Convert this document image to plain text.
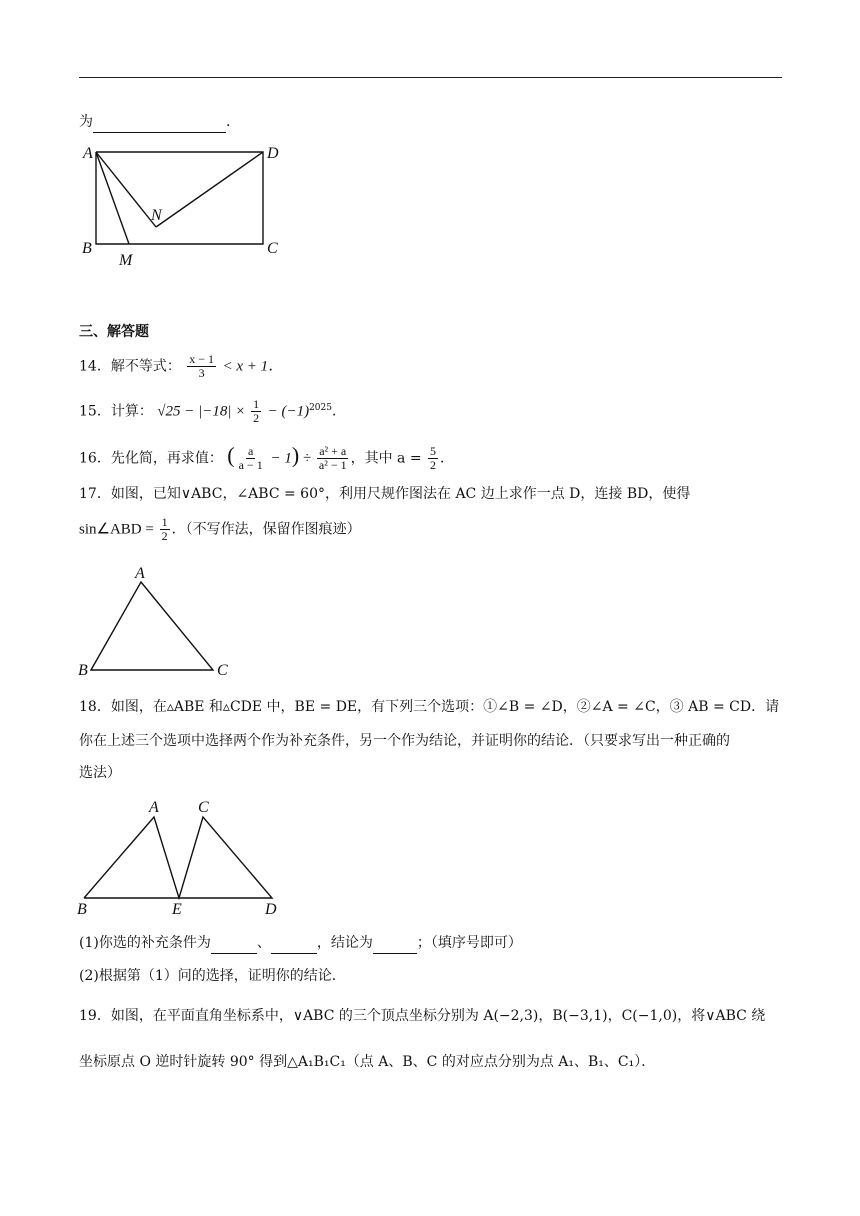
为	.
A	D
N
B
M
C
三、解答题
14．解不等式： $\frac{x - 1}{3} < x + 1$．
15．计算： $√25 - |-18| \times \frac{1}{2} - (-1)^{2025}$．
16．先化简，再求值： ( $\frac{a}{a - 1} - 1) \div \frac{\text{a² + a}}{\text{a² − 1}}$ ，其中 $a = \frac{5}{2}$ ．
17．如图，已知∨ABC，∠ABC = 60°，利用尺规作图法在 AC 边上求作一点 D，连接 BD，使得
sin∠ABD = $\frac{1}{2}$ ．（不写作法，保留作图痕迹）
A
B	C
18．如图，在▵ABE 和▵CDE 中，BE = DE，有下列三个选项：①∠B = ∠D，②∠A = ∠C，③ AB = CD．请
你在上述三个选项中选择两个作为补充条件，另一个作为结论，并证明你的结论．（只要求写出一种正确的
选法）
A C
B	E	D
(1)你选的补充条件为	、	，结论为	；（填序号即可）
(2)根据第（1）问的选择，证明你的结论．
19．如图，在平面直角坐标系中，∨ABC 的三个顶点坐标分别为 A(−2,3)，B(−3,1)，C(−1,0)，将∨ABC 绕
坐标原点 O 逆时针旋转 90° 得到△A₁B₁C₁（点 A、B、C 的对应点分别为点 A₁、B₁、C₁）．
